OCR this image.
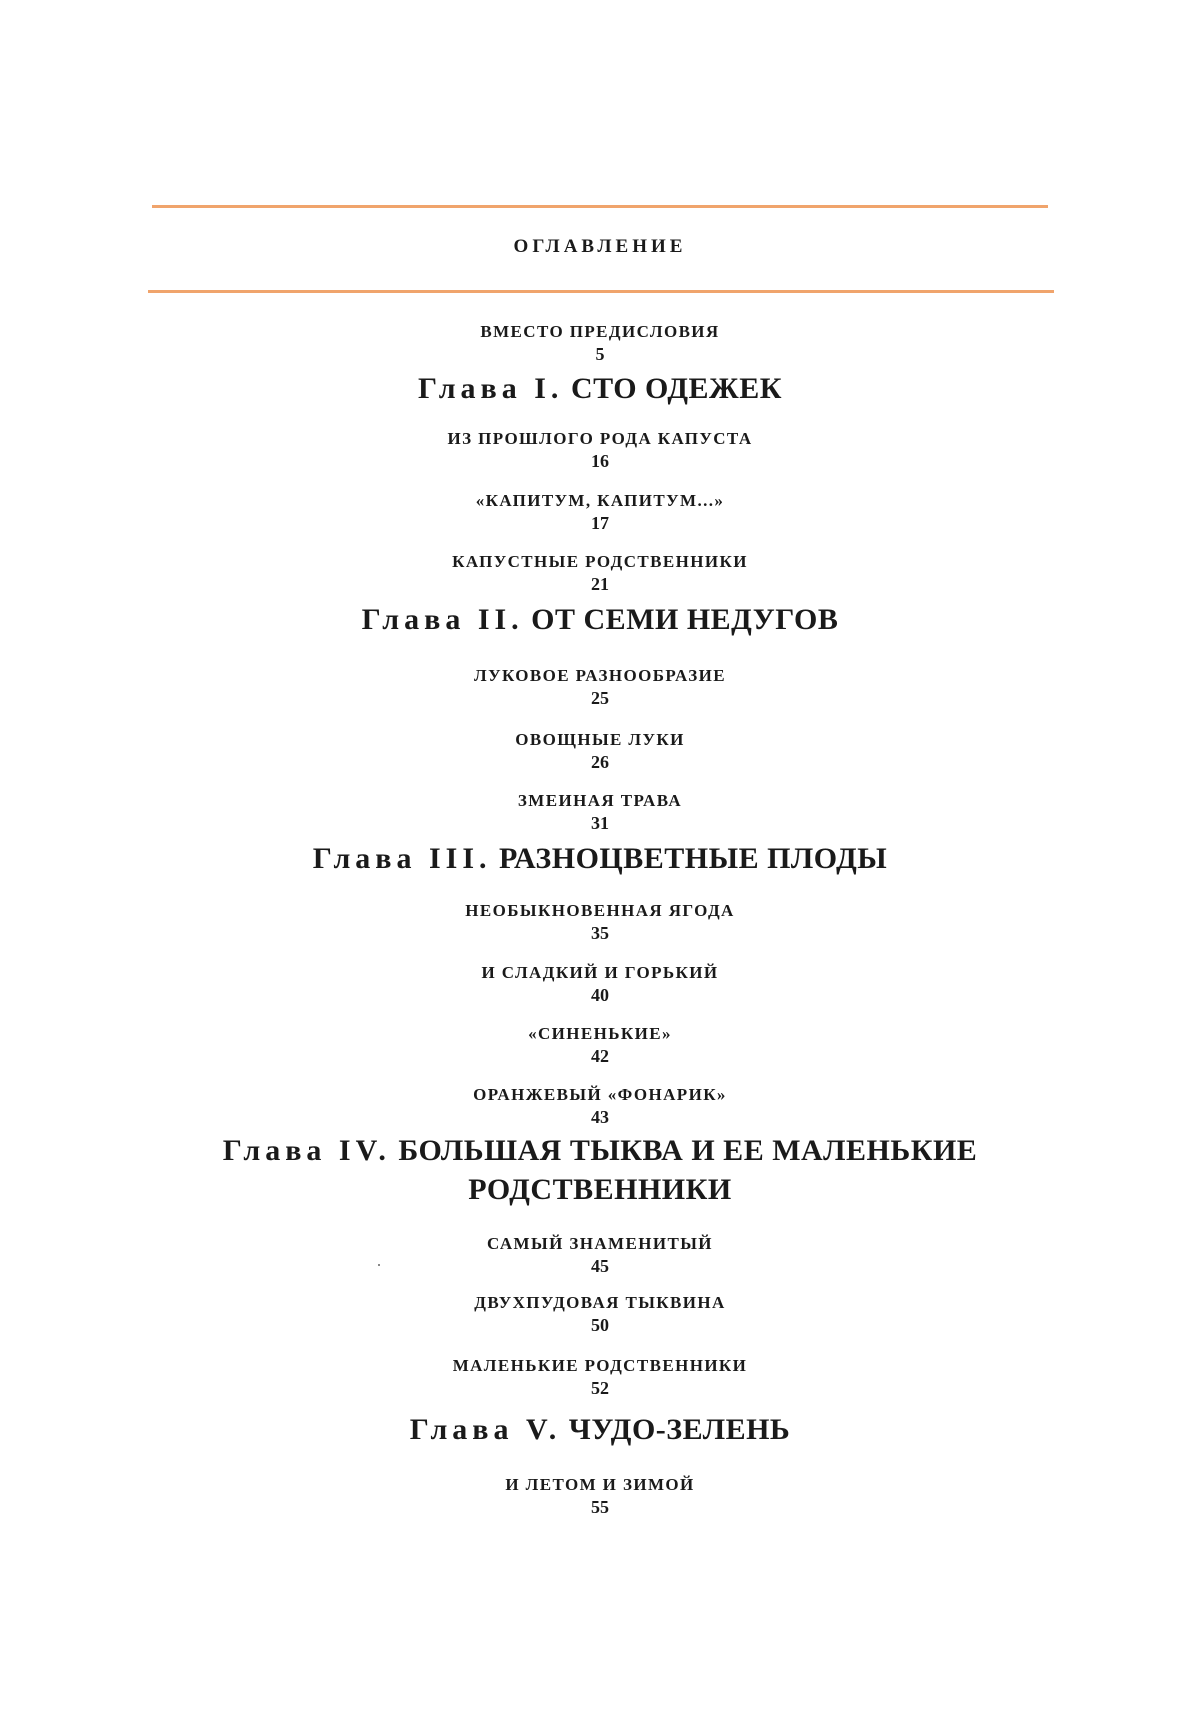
ОГЛАВЛЕНИЕ
ВМЕСТО ПРЕДИСЛОВИЯ
5
Глава I. СТО ОДЕЖЕК
ИЗ ПРОШЛОГО РОДА КАПУСТА
16
«КАПИТУМ, КАПИТУМ...»
17
КАПУСТНЫЕ РОДСТВЕННИКИ
21
Глава II. ОТ СЕМИ НЕДУГОВ
ЛУКОВОЕ РАЗНООБРАЗИЕ
25
ОВОЩНЫЕ ЛУКИ
26
ЗМЕИНАЯ ТРАВА
31
Глава III. РАЗНОЦВЕТНЫЕ ПЛОДЫ
НЕОБЫКНОВЕННАЯ ЯГОДА
35
И СЛАДКИЙ И ГОРЬКИЙ
40
«СИНЕНЬКИЕ»
42
ОРАНЖЕВЫЙ «ФОНАРИК»
43
Глава IV. БОЛЬШАЯ ТЫКВА И ЕЕ МАЛЕНЬКИЕ
РОДСТВЕННИКИ
САМЫЙ ЗНАМЕНИТЫЙ
45
ДВУХПУДОВАЯ ТЫКВИНА
50
МАЛЕНЬКИЕ РОДСТВЕННИКИ
52
Глава V. ЧУДО-ЗЕЛЕНЬ
И ЛЕТОМ И ЗИМОЙ
55
